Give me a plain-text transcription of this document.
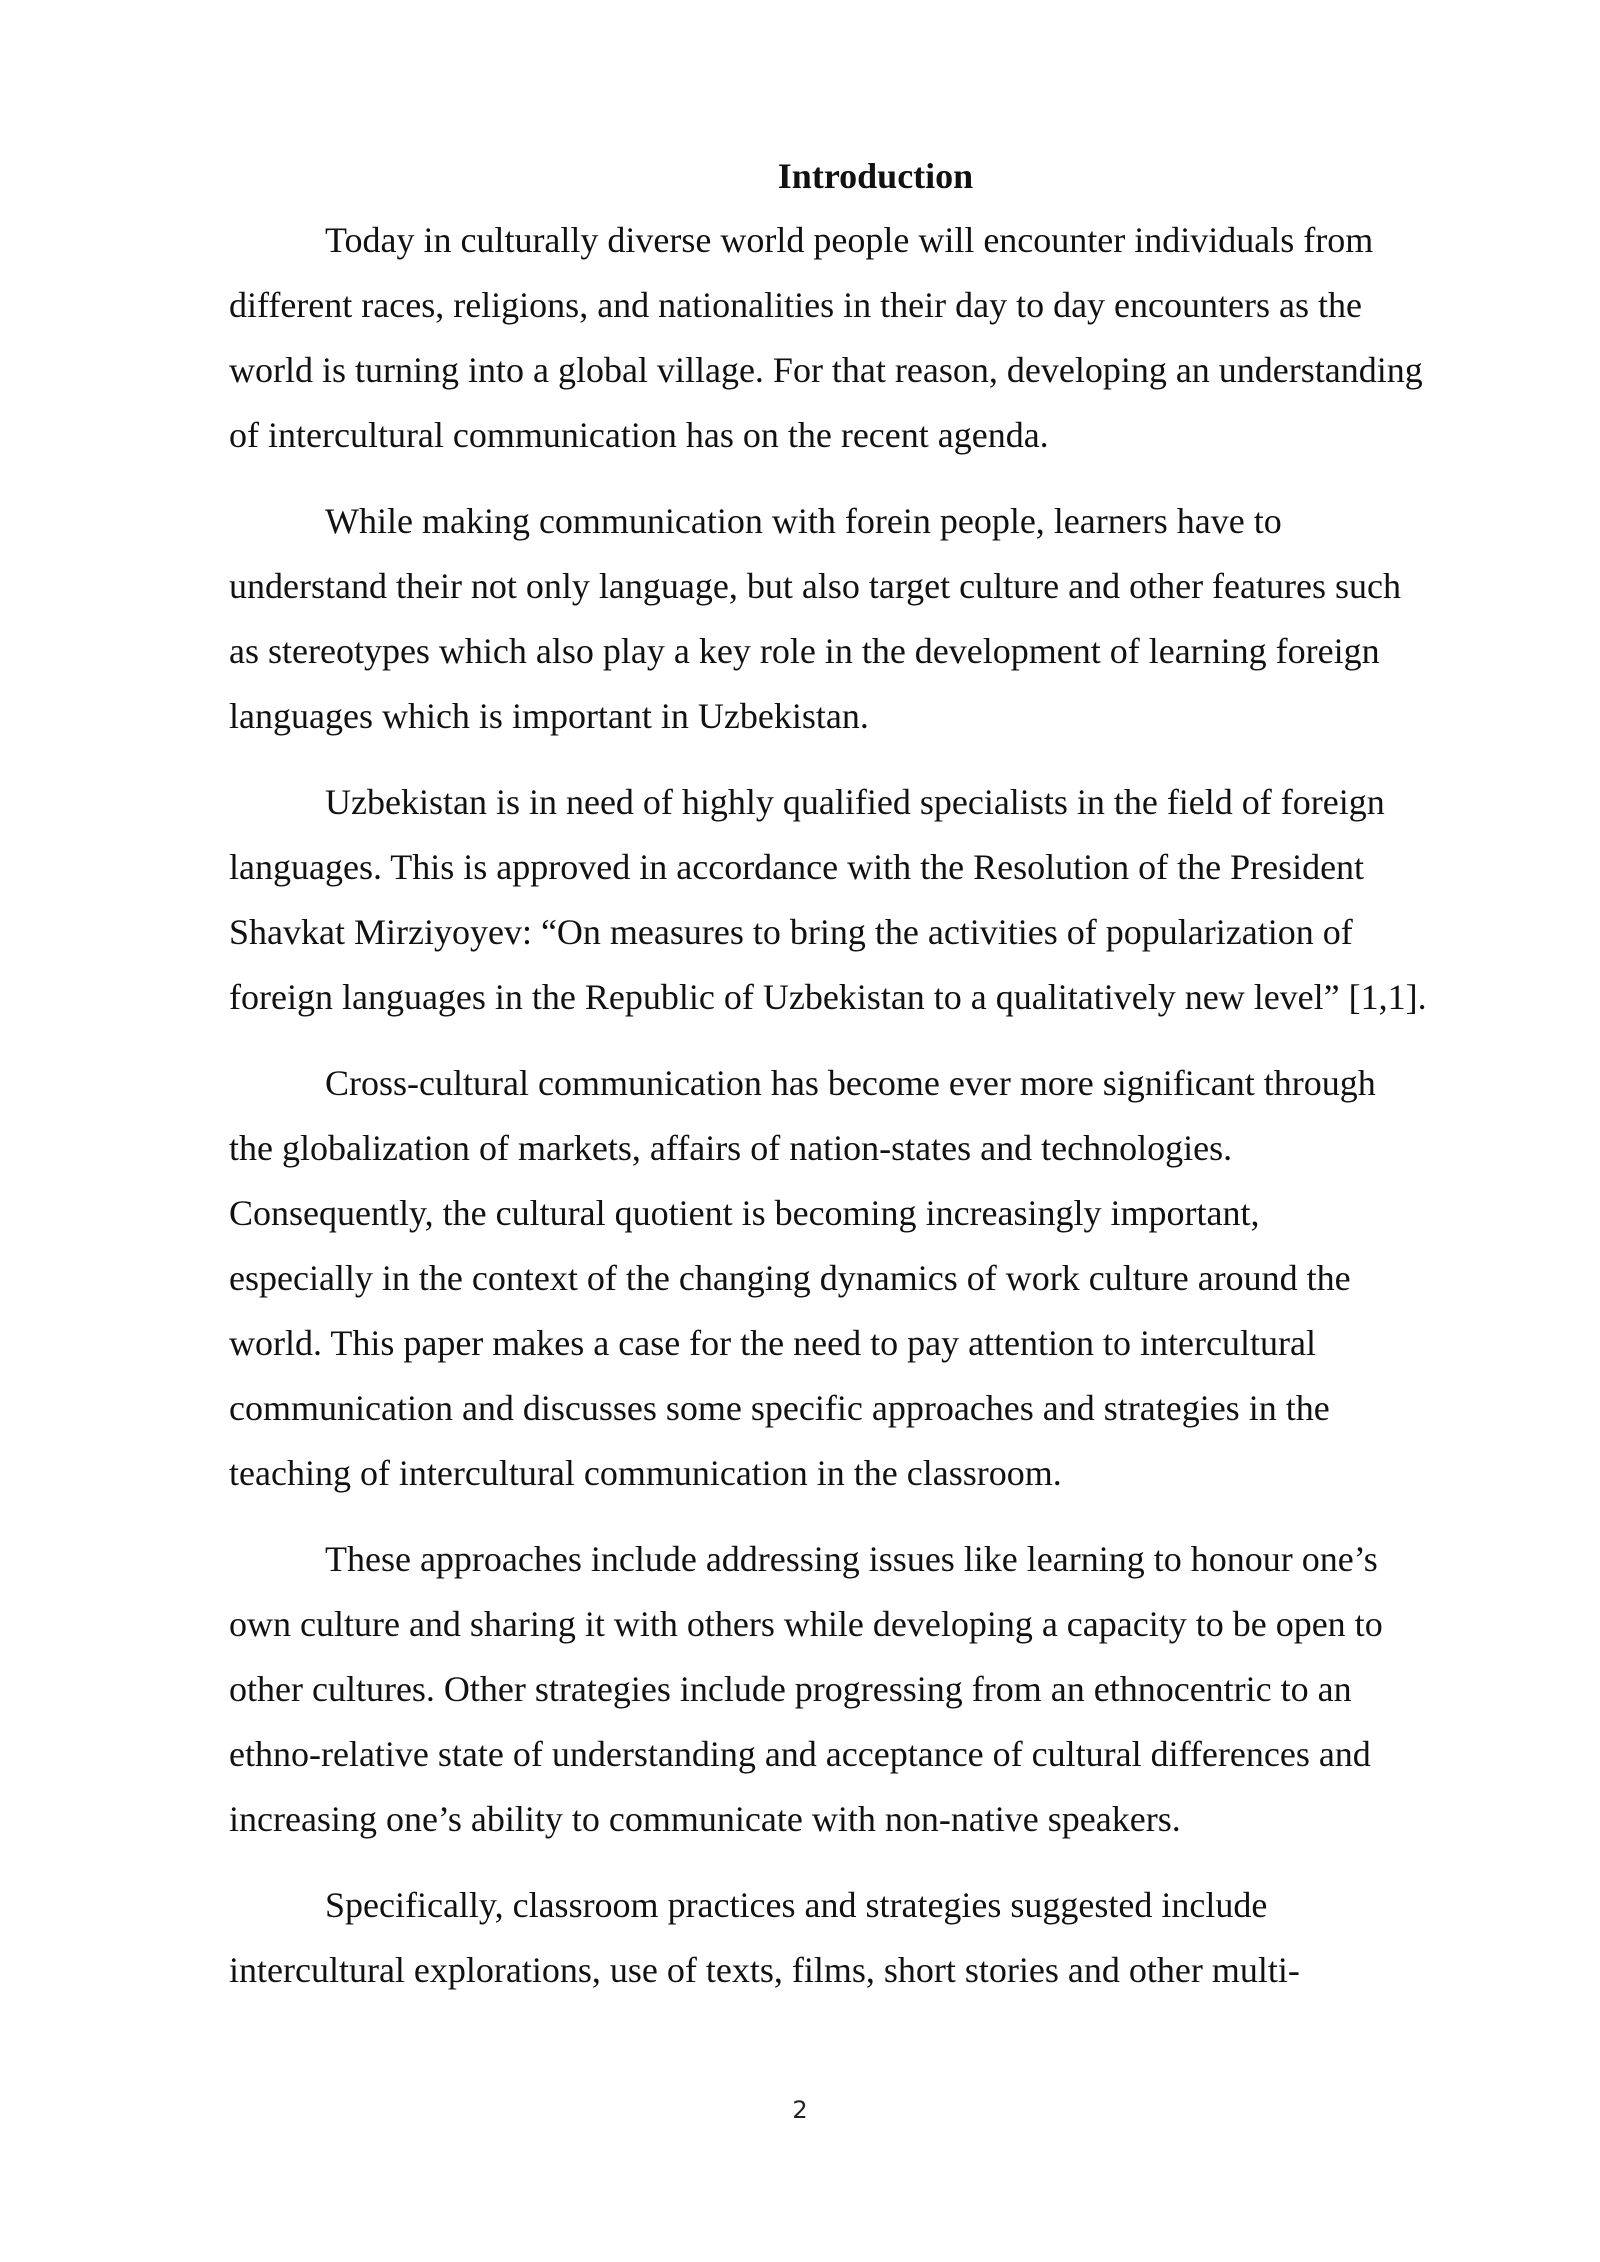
Introduction
Today in culturally diverse world people will encounter individuals from
different races, religions, and nationalities in their day to day encounters as the
world is turning into a global village. For that reason, developing an understanding
of intercultural communication has on the recent agenda.
While making communication with forein people, learners have to
understand their not only language, but also target culture and other features such
as stereotypes which also play a key role in the development of learning foreign
languages which is important in Uzbekistan.
Uzbekistan is in need of highly qualified specialists in the field of foreign
languages. This is approved in accordance with the Resolution of the President
Shavkat Mirziyoyev: “On measures to bring the activities of popularization of
foreign languages in the Republic of Uzbekistan to a qualitatively new level” [1,1].
Cross-cultural communication has become ever more significant through
the globalization of markets, affairs of nation-states and technologies.
Consequently, the cultural quotient is becoming increasingly important,
especially in the context of the changing dynamics of work culture around the
world. This paper makes a case for the need to pay attention to intercultural
communication and discusses some specific approaches and strategies in the
teaching of intercultural communication in the classroom.
These approaches include addressing issues like learning to honour one’s
own culture and sharing it with others while developing a capacity to be open to
other cultures. Other strategies include progressing from an ethnocentric to an
ethno-relative state of understanding and acceptance of cultural differences and
increasing one’s ability to communicate with non-native speakers.
Specifically, classroom practices and strategies suggested include
intercultural explorations, use of texts, films, short stories and other multi-
2
